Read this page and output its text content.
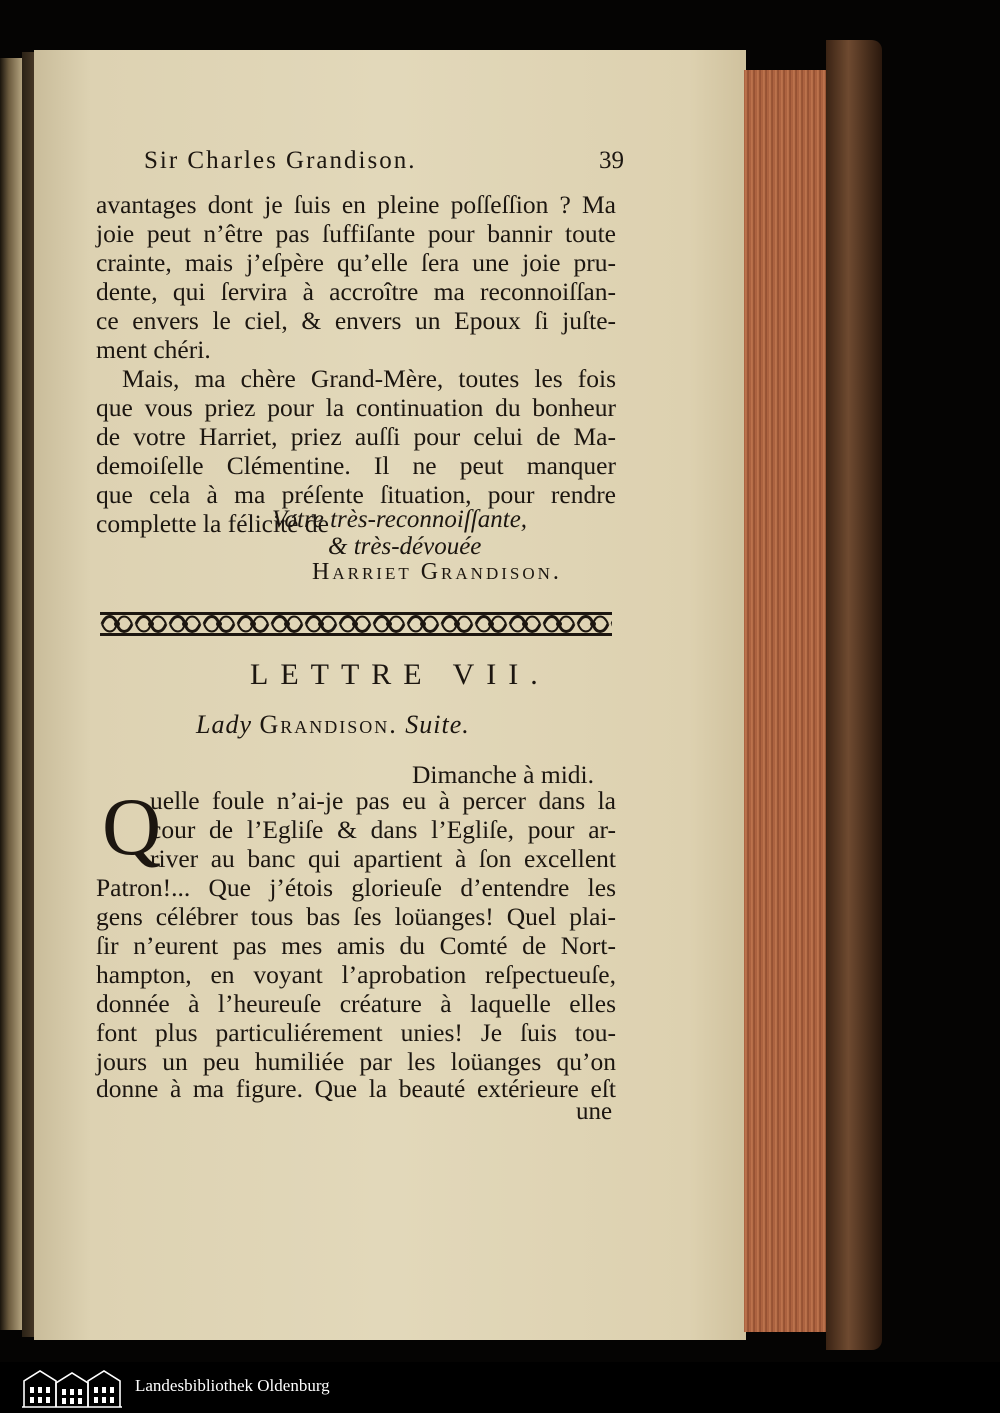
Sir Charles Grandison.	39
avantages dont je ſuis en pleine poſſeſſion ? Ma
joie peut n’être pas ſuffiſante pour bannir toute
crainte, mais j’eſpère qu’elle ſera une joie pru-
dente, qui ſervira à accroître ma reconnoiſſan-
ce envers le ciel, & envers un Epoux ſi juſte-
ment chéri.
Mais, ma chère Grand-Mère, toutes les fois
que vous priez pour la continuation du bonheur
de votre Harriet, priez auſſi pour celui de Ma-
demoiſelle Clémentine. Il ne peut manquer
que cela à ma préſente ſituation, pour rendre
complette la félicité de
Votre très-reconnoiſſante,
& très-dévouée
Harriet Grandison.
LETTRE VII.
Lady Grandison. Suite.
Dimanche à midi.
Q
uelle foule n’ai-je pas eu à percer dans la
cour de l’Egliſe & dans l’Egliſe, pour ar-
river au banc qui apartient à ſon excellent
Patron!... Que j’étois glorieuſe d’entendre les
gens célébrer tous bas ſes loüanges! Quel plai-
ſir n’eurent pas mes amis du Comté de Nort-
hampton, en voyant l’aprobation reſpectueuſe,
donnée à l’heureuſe créature à laquelle elles
font plus particuliérement unies! Je ſuis tou-
jours un peu humiliée par les loüanges qu’on
donne à ma figure. Que la beauté extérieure eſt
une
Landesbibliothek Oldenburg
